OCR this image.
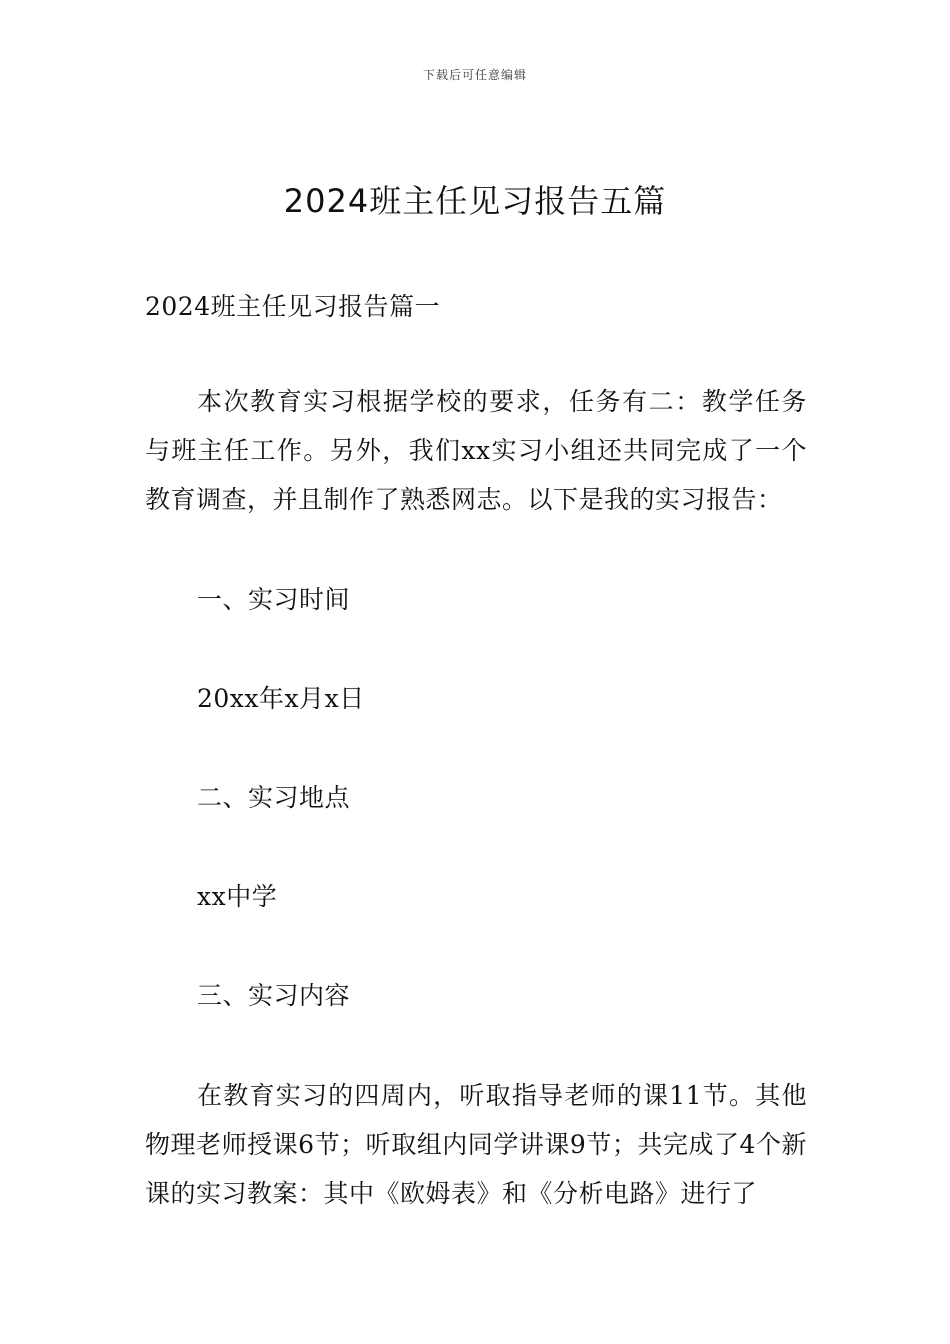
下载后可任意编辑
2024班主任见习报告五篇

2024班主任见习报告篇一

本次教育实习根据学校的要求，任务有二：教学任务与班主任工作。另外，我们xx实习小组还共同完成了一个教育调查，并且制作了熟悉网志。以下是我的实习报告：

一、实习时间

20xx年x月x日

二、实习地点

xx中学

三、实习内容

在教育实习的四周内，听取指导老师的课11节。其他物理老师授课6节；听取组内同学讲课9节；共完成了4个新课的实习教案：其中《欧姆表》和《分析电路》进行了
